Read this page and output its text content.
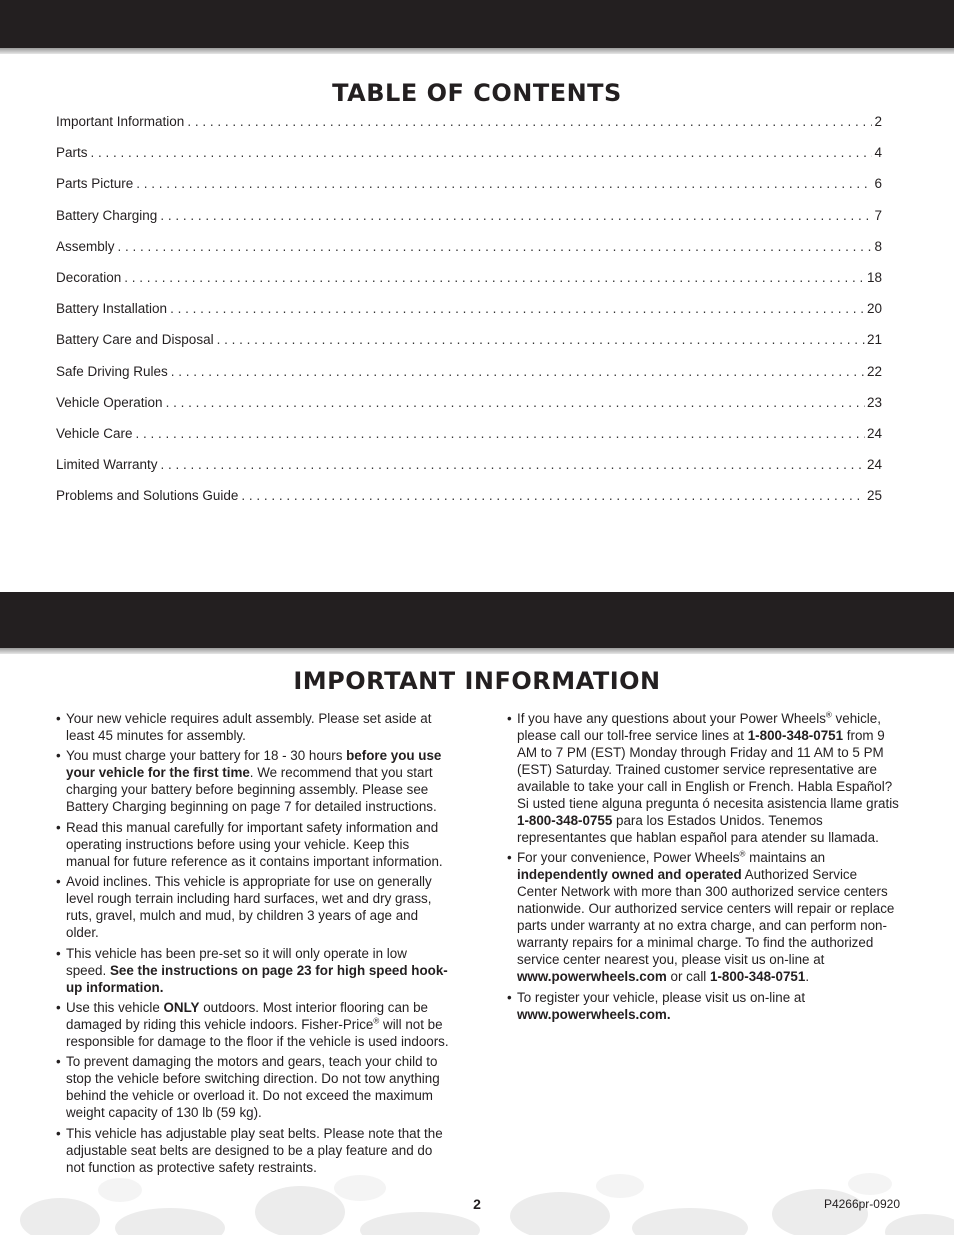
TABLE OF CONTENTS
Important Information . . .	2
Parts . . .	4
Parts Picture . . .	6
Battery Charging . . .	7
Assembly . . .	8
Decoration . . .	18
Battery Installation . . .	20
Battery Care and Disposal . . .	21
Safe Driving Rules . . .	22
Vehicle Operation . . .	23
Vehicle Care . . .	24
Limited Warranty . . .	24
Problems and Solutions Guide . . .	25
IMPORTANT INFORMATION
• Your new vehicle requires adult assembly. Please set aside at least 45 minutes for assembly.
• You must charge your battery for 18 - 30 hours before you use your vehicle for the first time. We recommend that you start charging your battery before beginning assembly. Please see Battery Charging beginning on page 7 for detailed instructions.
• Read this manual carefully for important safety information and operating instructions before using your vehicle. Keep this manual for future reference as it contains important information.
• Avoid inclines. This vehicle is appropriate for use on generally level rough terrain including hard surfaces, wet and dry grass, ruts, gravel, mulch and mud, by children 3 years of age and older.
• This vehicle has been pre-set so it will only operate in low speed. See the instructions on page 23 for high speed hook-up information.
• Use this vehicle ONLY outdoors. Most interior flooring can be damaged by riding this vehicle indoors. Fisher-Price® will not be responsible for damage to the floor if the vehicle is used indoors.
• To prevent damaging the motors and gears, teach your child to stop the vehicle before switching direction. Do not tow anything behind the vehicle or overload it. Do not exceed the maximum weight capacity of 130 lb (59 kg).
• This vehicle has adjustable play seat belts. Please note that the adjustable seat belts are designed to be a play feature and do not function as protective safety restraints.
• If you have any questions about your Power Wheels® vehicle, please call our toll-free service lines at 1-800-348-0751 from 9 AM to 7 PM (EST) Monday through Friday and 11 AM to 5 PM (EST) Saturday. Trained customer service representative are available to take your call in English or French. Habla Español? Si usted tiene alguna pregunta ó necesita asistencia llame gratis 1-800-348-0755 para los Estados Unidos. Tenemos representantes que hablan español para atender su llamada.
• For your convenience, Power Wheels® maintains an independently owned and operated Authorized Service Center Network with more than 300 authorized service centers nationwide. Our authorized service centers will repair or replace parts under warranty at no extra charge, and can perform non-warranty repairs for a minimal charge. To find the authorized service center nearest you, please visit us on-line at www.powerwheels.com or call 1-800-348-0751.
• To register your vehicle, please visit us on-line at www.powerwheels.com.
2	P4266pr-0920
